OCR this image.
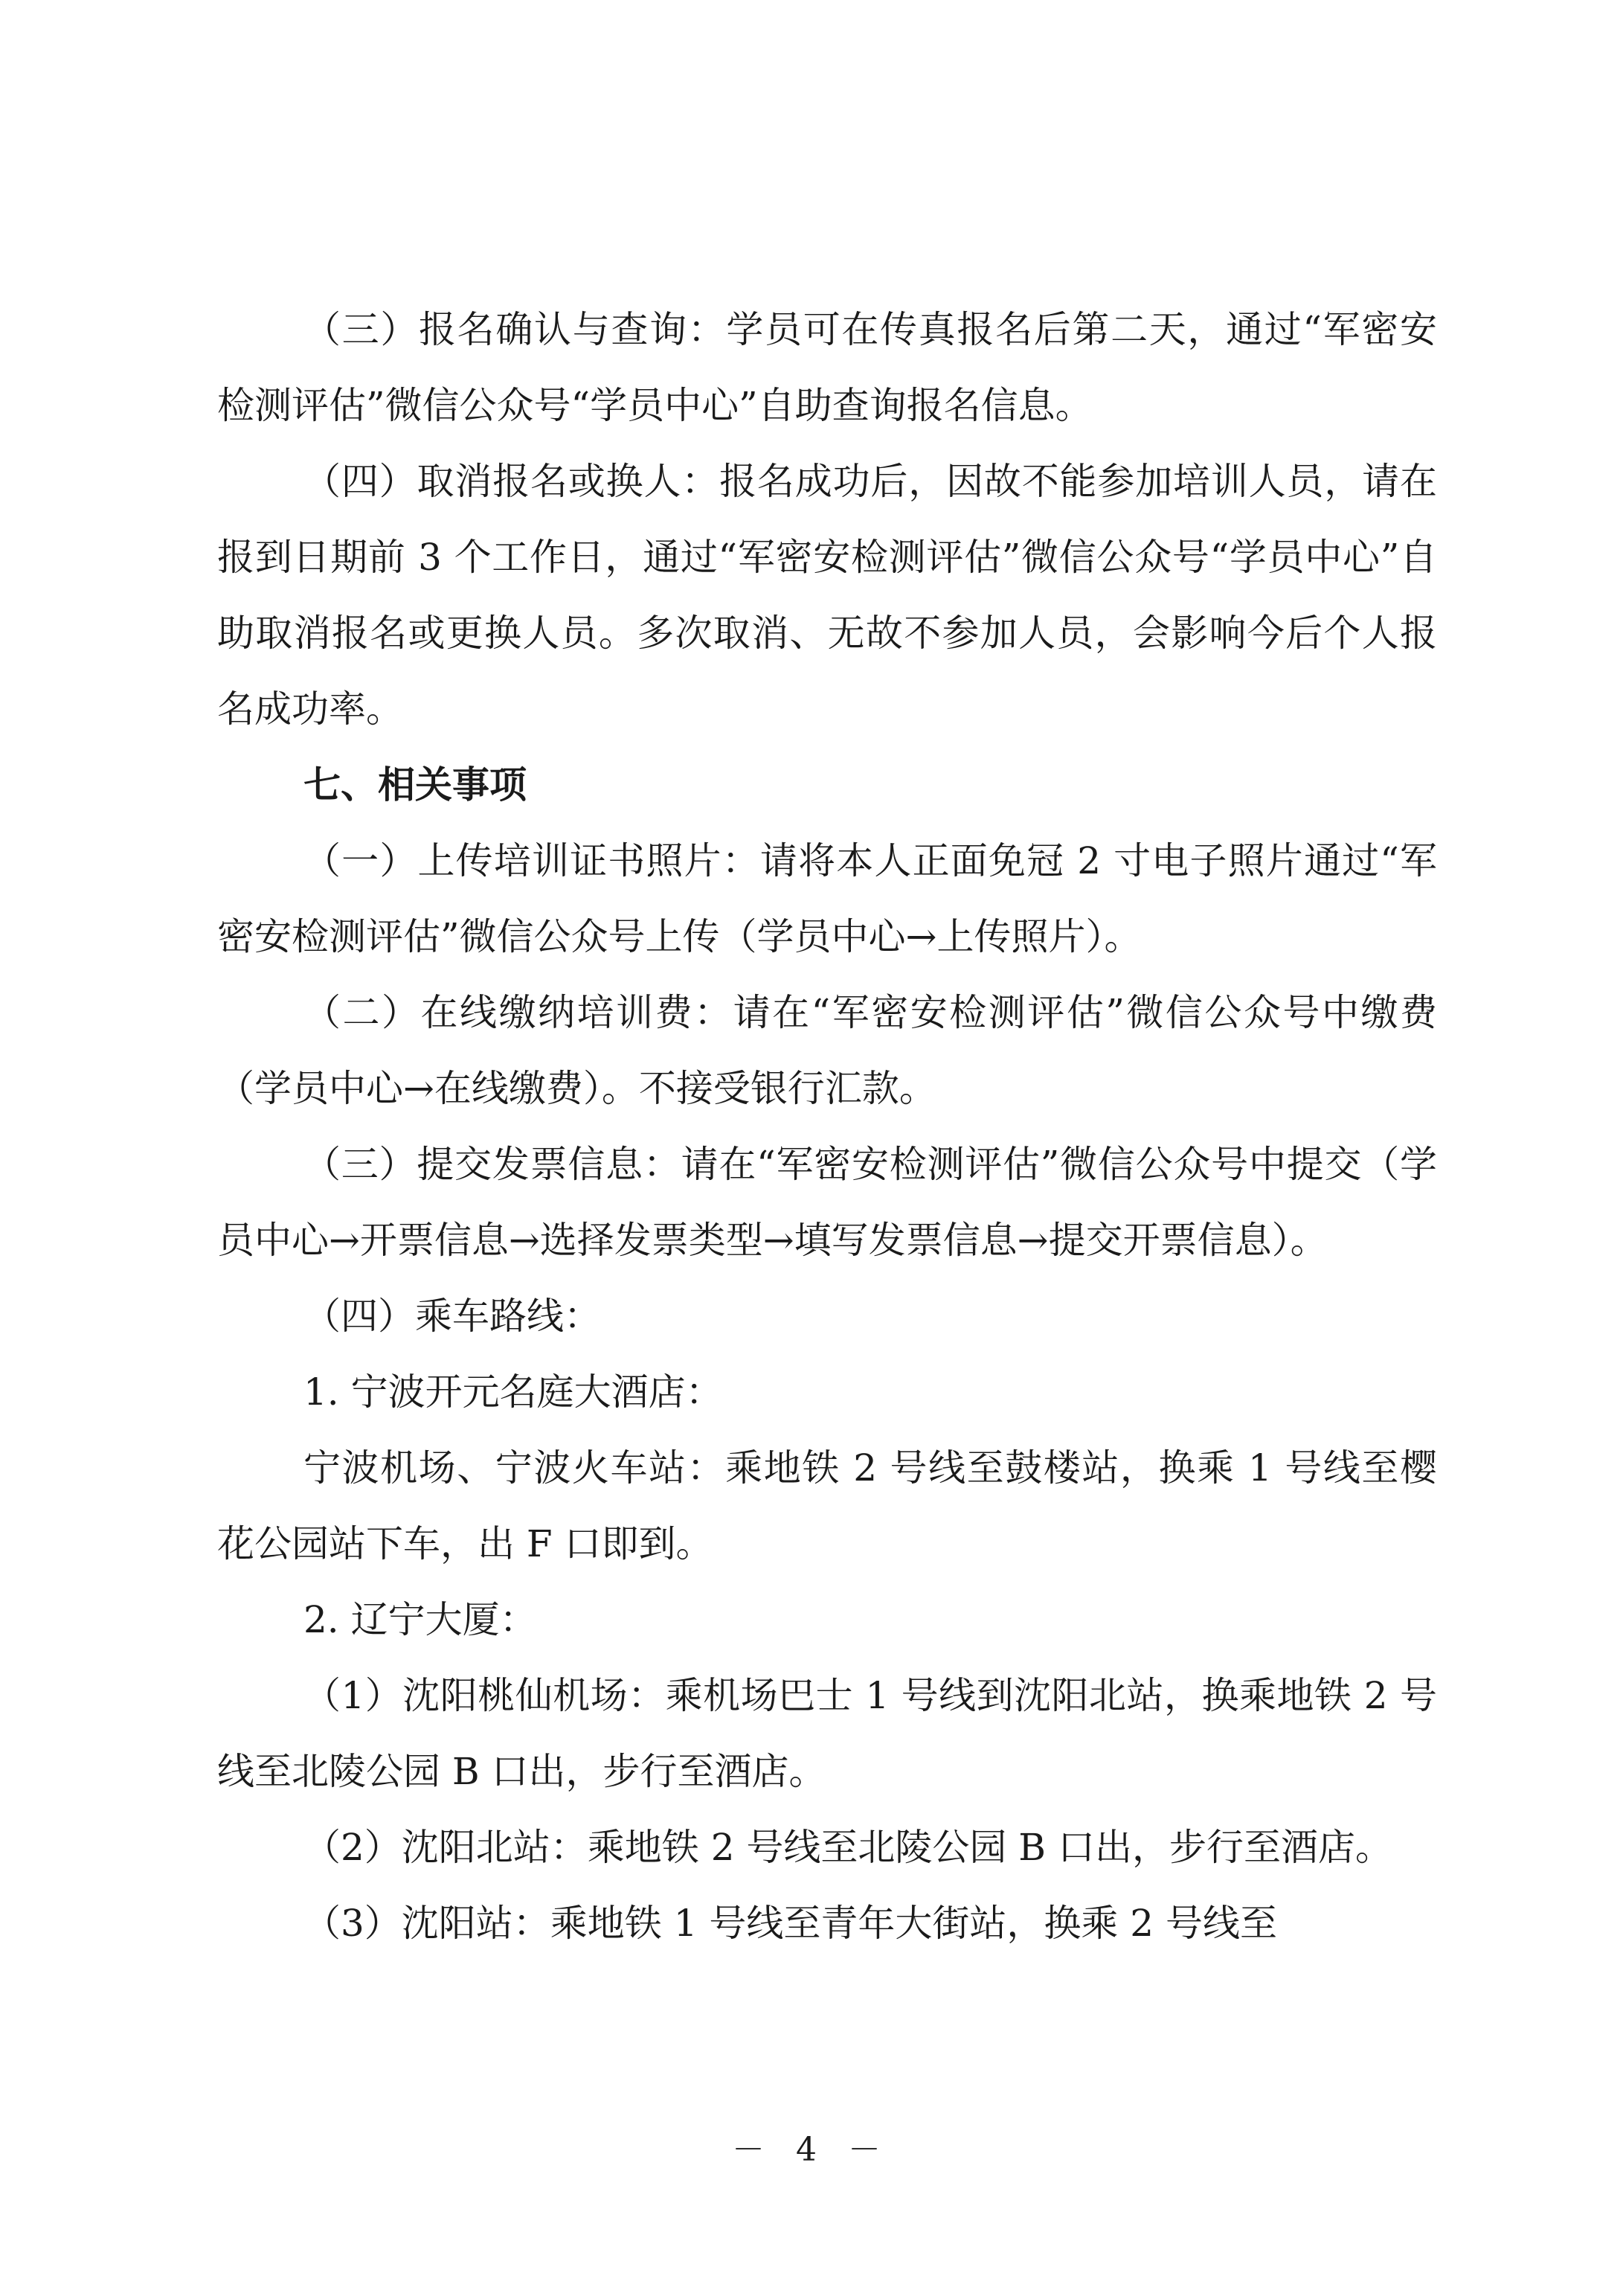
（三）报名确认与查询：学员可在传真报名后第二天，通过“军密安检测评估”微信公众号“学员中心”自助查询报名信息。

（四）取消报名或换人：报名成功后，因故不能参加培训人员，请在报到日期前 3 个工作日，通过“军密安检测评估”微信公众号“学员中心”自助取消报名或更换人员。多次取消、无故不参加人员，会影响今后个人报名成功率。

七、相关事项

（一）上传培训证书照片：请将本人正面免冠 2 寸电子照片通过“军密安检测评估”微信公众号上传（学员中心→上传照片）。

（二）在线缴纳培训费：请在“军密安检测评估”微信公众号中缴费（学员中心→在线缴费）。不接受银行汇款。

（三）提交发票信息：请在“军密安检测评估”微信公众号中提交（学员中心→开票信息→选择发票类型→填写发票信息→提交开票信息）。

（四）乘车路线：

1. 宁波开元名庭大酒店：

宁波机场、宁波火车站：乘地铁 2 号线至鼓楼站，换乘 1 号线至樱花公园站下车，出 F 口即到。

2. 辽宁大厦：

（1）沈阳桃仙机场：乘机场巴士 1 号线到沈阳北站，换乘地铁 2 号线至北陵公园 B 口出，步行至酒店。

（2）沈阳北站：乘地铁 2 号线至北陵公园 B 口出，步行至酒店。

（3）沈阳站：乘地铁 1 号线至青年大街站，换乘 2 号线至

－ 4 －
